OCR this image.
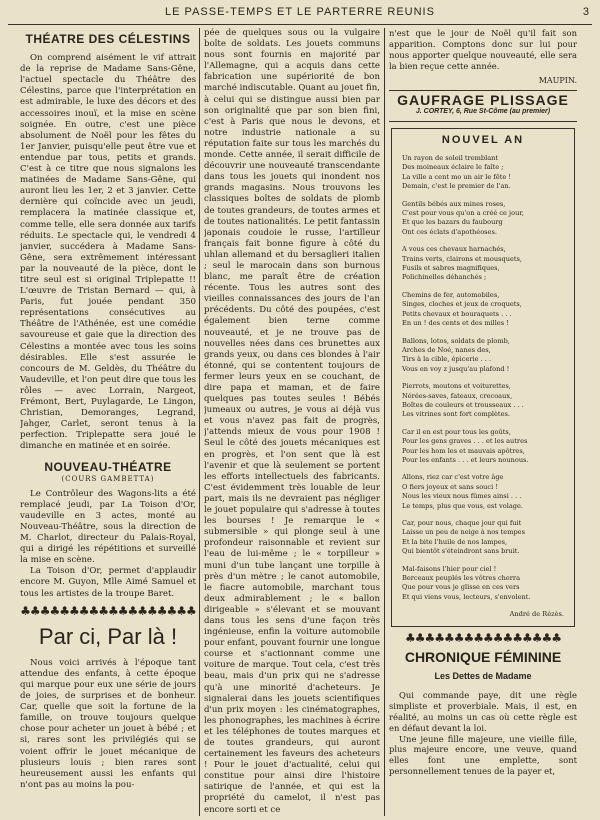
LE PASSE-TEMPS ET LE PARTERRE REUNIS	3
THÉATRE DES CÉLESTINS

On comprend aisément le vif attrait de la reprise de Madame Sans-Gêne, l'actuel spectacle du Théâtre des Célestins, parce que l'interprétation en est admirable, le luxe des décors et des accessoires inouï, et la mise en scène soignée. En outre, c'est une pièce absolument de Noël pour les fêtes du 1er Janvier, puisqu'elle peut être vue et entendue par tous, petits et grands. C'est à ce titre que nous signalons les matinées de Madame Sans-Gêne, qui auront lieu les 1er, 2 et 3 janvier. Cette dernière qui coïncide avec un jeudi, remplacera la matinée classique et, comme telle, elle sera donnée aux tarifs réduits. Le spectacle qui, le vendredi 4 janvier, succédera à Madame Sans-Gêne, sera extrêmement intéressant par la nouveauté de la pièce, dont le titre seul est si original Triplepatte !! L'œuvre de Tristan Bernard — qui, à Paris, fut jouée pendant 350 représentations consécutives au Théâtre de l'Athénée, est une comédie savoureuse et gaie que la direction des Célestins a montée avec tous les soins désirables. Elle s'est assurée le concours de M. Geldès, du Théâtre du Vaudeville, et l'on peut dire que tous les rôles — avec Lorrain, Nargeot, Frémont, Bert, Puylagarde, Le Lingon, Christian, Demoranges, Legrand, Jahger, Carlet, seront tenus à la perfection. Triplepatte sera joué le dimanche en matinée et en soirée.

NOUVEAU-THÉATRE
(COURS GAMBETTA)

Le Contrôleur des Wagons-lits a été remplacé jeudi, par La Toison d'Or, vaudeville en 3 actes, monté au Nouveau-Théâtre, sous la direction de M. Charlot, directeur du Palais-Royal, qui a dirigé les répétitions et surveillé la mise en scène.

La Toison d'Or, permet d'applaudir encore M. Guyon, Mlle Aimé Samuel et tous les artistes de la troupe Baret.

♣♣♣♣♣♣♣♣♣♣♣♣♣♣♣♣♣♣
Par ci, Par là !

Nous voici arrivés à l'époque tant attendue des enfants, à cette époque qui marque pour eux une série de jours de joies, de surprises et de bonheur. Car, quelle que soit la fortune de la famille, on trouve toujours quelque chose pour acheter un jouet à bébé ; et si, rares sont les privilégiés qui se voient offrir le jouet mécanique de plusieurs louis ; bien rares sont heureusement aussi les enfants qui n'ont pas au moins la pou-

pée de quelques sous ou la vulgaire boîte de soldats. Les jouets communs nous sont fournis en majorité par l'Allemagne, qui a acquis dans cette fabrication une supériorité de bon marché indiscutable. Quant au jouet fin, à celui qui se distingue aussi bien par son originalité que par son bien fini, c'est à Paris que nous le devons, et notre industrie nationale a su réputation faite sur tous les marchés du monde. Cette année, il serait difficile de découvrir une nouveauté transcendante dans tous les jouets qui inondent nos grands magasins. Nous trouvons les classiques boîtes de soldats de plomb de toutes grandeurs, de toutes armes et de toutes nationalités. Le petit fantassin japonais coudoie le russe, l'artilleur français fait bonne figure à côté du uhlan allemand et du bersaglieri italien ; seul le marocain dans son burnous blanc, me paraît être de création récente. Tous les autres sont des vieilles connaissances des jours de l'an précédents. Du côté des poupées, c'est également bien terne comme nouveauté, et je ne trouve pas de nouvelles nées dans ces brunettes aux grands yeux, ou dans ces blondes à l'air étonné, qui se contentent toujours de fermer leurs yeux en se couchant, de dire papa et maman, et de faire quelques pas toutes seules ! Bébés jumeaux ou autres, je vous ai déjà vus et vous n'avez pas fait de progrès, j'attends mieux de vous pour 1908 ! Seul le côté des jouets mécaniques est en progrès, et l'on sent que là est l'avenir et que là seulement se portent les efforts intellectuels des fabricants. C'est évidemment très louable de leur part, mais ils ne devraient pas négliger le jouet populaire qui s'adresse à toutes les bourses ! Je remarque le « submersible » qui plonge seul à une profondeur raisonnable et revient sur l'eau de lui-même ; le « torpilleur » muni d'un tube lançant une torpille à près d'un mètre ; le canot automobile, le fiacre automobile, marchant tous deux admirablement ; le « ballon dirigeable » s'élevant et se mouvant dans tous les sens d'une façon très ingénieuse, enfin la voiture automobile pour enfant, pouvant fournir une longue course et s'actionnant comme une voiture de marque. Tout cela, c'est très beau, mais d'un prix qui ne s'adresse qu'à une minorité d'acheteurs. Je signalerai dans les jouets scientifiques d'un prix moyen : les cinématographes, les phonographes, les machines à écrire et les téléphones de toutes marques et de toutes grandeurs, qui auront certainement les faveurs des acheteurs ! Pour le jouet d'actualité, celui qui constitue pour ainsi dire l'histoire satirique de l'année, et qui est la propriété du camelot, il n'est pas encore sorti et ce

n'est que le jour de Noël qu'il fait son apparition. Comptons donc sur lui pour nous apporter quelque nouveauté, elle sera la bien reçue cette année.

MAUPIN.
GAUFRAGE PLISSAGE
J. CORTEY, 6, Rue St-Côme (au premier)
NOUVEL AN
Un rayon de soleil tremblant
Des moineaux éclaire le faîte ;
La ville a cent mo un air le fête !
Demain, c'est le premier de l'an.
Gentils bébés aux mines roses,
C'est pour vous qu'on a créé ce jour,
Et que les bazars du faubourg
Ont ces éclats d'apothéoses.
A vous ces chevaux harnachés,
Trains verts, clairons et mousquets,
Fusils et sabres magnifiques,
Polichinelles déhanchés ;
Chemins de fer, automobiles,
Singes, cloches et jeux de croquets,
Petits chevaux et bouraquets . . .
En un ! des cents et des milles !
Ballons, lotos, soldats de plomb,
Arches de Noé, nanes des,
Tirs à la cible, épicerie . . .
Vous en voy z jusqu'au plafond !
Pierrots, moutons et voiturettes,
Nérées-saves, fateaux, crecoaux,
Boîtes de couleurs et trousseaux . . .
Les vitrines sont fort complètes.
Car il en est pour tous les goûts,
Pour les gens graves . . . et les autres
Pour les hom les et mauvais apôtres,
Pour les enfants . . . et leurs nounous.
Allons, riez car c'est votre âge
O fiers joyeux et sans souci !
Nous les vieux nous fûmes ainsi . . .
Le temps, plus que vous, est volage.
Car, pour nous, chaque jour qui fuit
Laisse un peu de neige à nos tempes
Et la bite l'huile de nos lampes,
Qui bientôt s'éteindront sans bruit.
Mal-faisons l'hier pour ciel !
Berceaux peuplés les vôtres cherra
Que pour vous je glisse en ces vers
Et qui viens vous, lecteurs, s'envolent.
André de Rézès.
♣♣♣♣♣♣♣♣♣♣♣♣♣♣♣♣
CHRONIQUE FÉMININE
Les Dettes de Madame

Qui commande paye, dit une règle simpliste et proverbiale. Mais, il est, en réalité, au moins un cas où cette règle est en défaut devant la loi.

Une jeune fille majeure, une vieille fille, plus majeure encore, une veuve, quand elles font une emplette, sont personnellement tenues de la payer et,
